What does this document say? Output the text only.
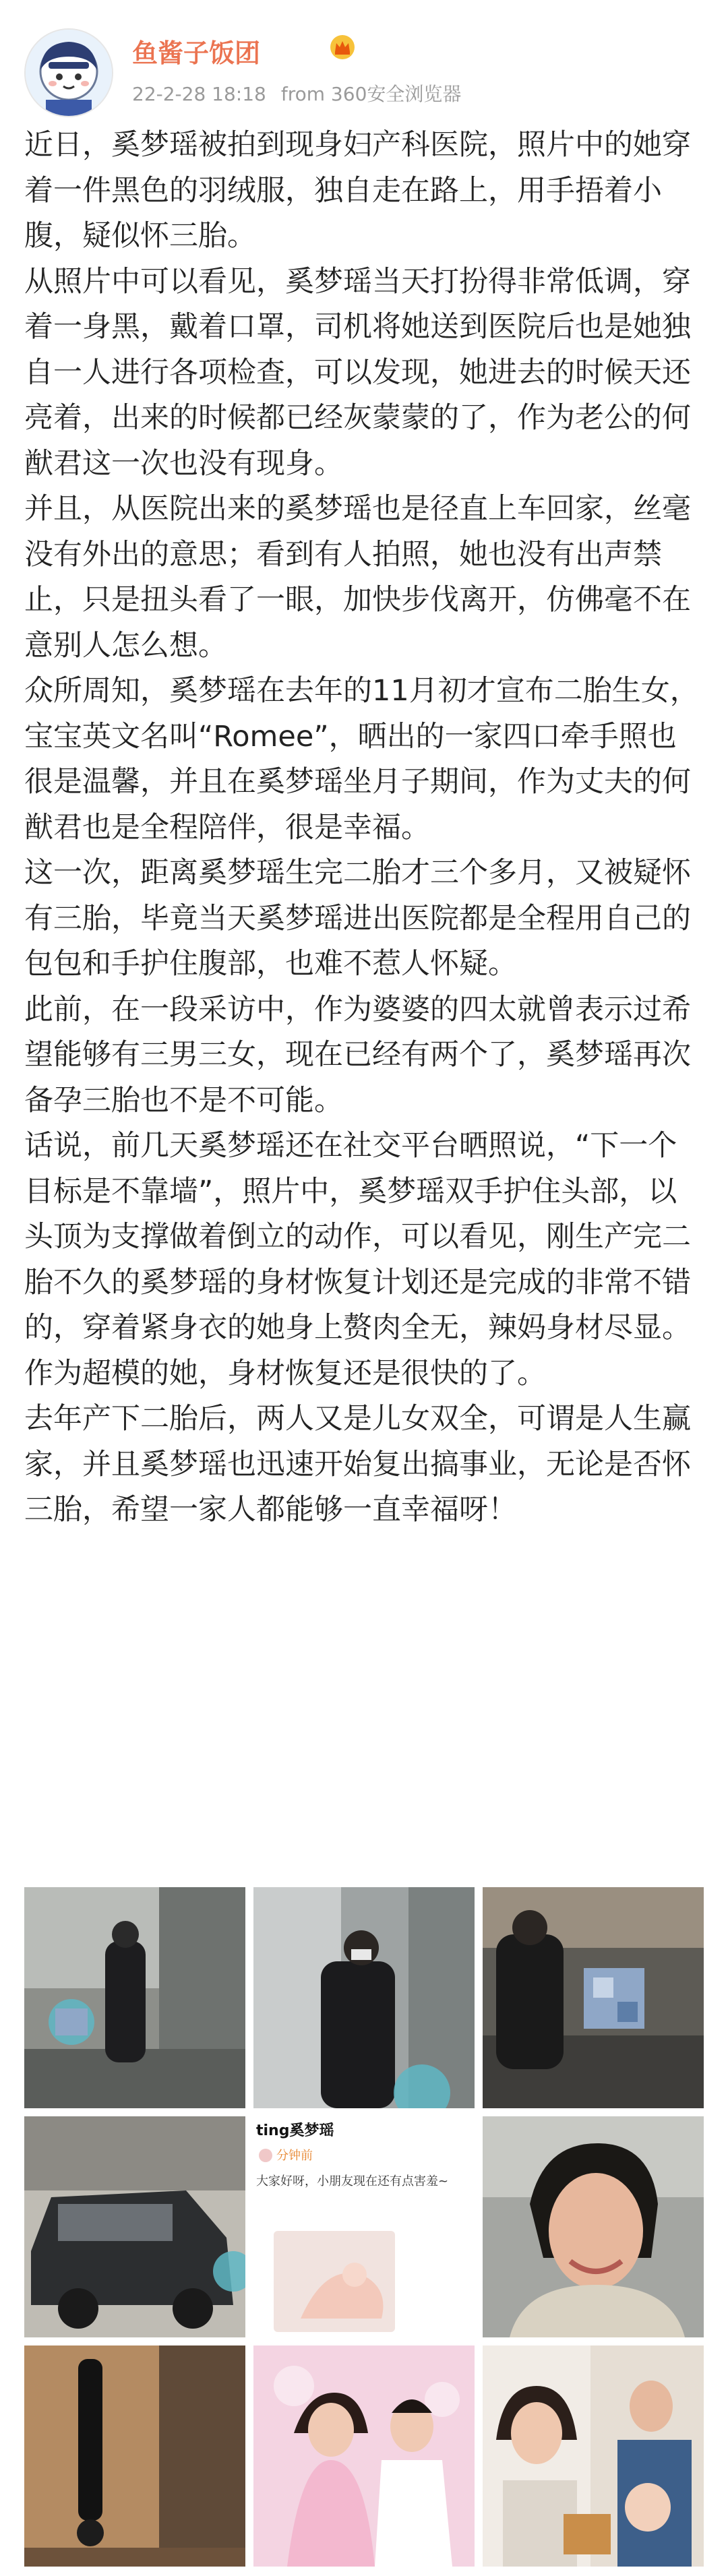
鱼酱子饭团
22-2-28 18:18 from 360安全浏览器

近日，奚梦瑶被拍到现身妇产科医院，照片中的她穿着一件黑色的羽绒服，独自走在路上，用手捂着小腹，疑似怀三胎。

从照片中可以看见，奚梦瑶当天打扮得非常低调，穿着一身黑，戴着口罩，司机将她送到医院后也是她独自一人进行各项检查，可以发现，她进去的时候天还亮着，出来的时候都已经灰蒙蒙的了，作为老公的何猷君这一次也没有现身。

并且，从医院出来的奚梦瑶也是径直上车回家，丝毫没有外出的意思；看到有人拍照，她也没有出声禁止，只是扭头看了一眼，加快步伐离开，仿佛毫不在意别人怎么想。

众所周知，奚梦瑶在去年的11月初才宣布二胎生女，宝宝英文名叫“Romee”，晒出的一家四口牵手照也很是温馨，并且在奚梦瑶坐月子期间，作为丈夫的何猷君也是全程陪伴，很是幸福。

这一次，距离奚梦瑶生完二胎才三个多月，又被疑怀有三胎，毕竟当天奚梦瑶进出医院都是全程用自己的包包和手护住腹部，也难不惹人怀疑。

此前，在一段采访中，作为婆婆的四太就曾表示过希望能够有三男三女，现在已经有两个了，奚梦瑶再次备孕三胎也不是不可能。

话说，前几天奚梦瑶还在社交平台晒照说，“下一个目标是不靠墙”，照片中，奚梦瑶双手护住头部，以头顶为支撑做着倒立的动作，可以看见，刚生产完二胎不久的奚梦瑶的身材恢复计划还是完成的非常不错的，穿着紧身衣的她身上赘肉全无，辣妈身材尽显。作为超模的她，身材恢复还是很快的了。

去年产下二胎后，两人又是儿女双全，可谓是人生赢家，并且奚梦瑶也迅速开始复出搞事业，无论是否怀三胎，希望一家人都能够一直幸福呀！

ting奚梦瑶
分钟前
大家好呀，小朋友现在还有点害羞~
